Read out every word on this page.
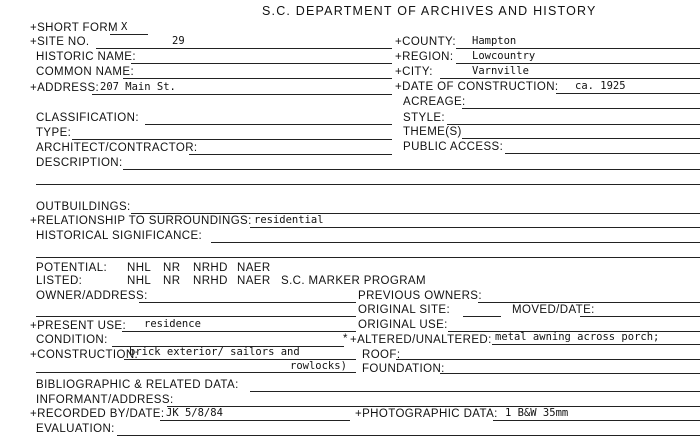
S.C. DEPARTMENT OF ARCHIVES AND HISTORY
+SHORT FORM X
+SITE NO.	29	+COUNTY: Hampton
HISTORIC NAME:	+REGION: Lowcountry
COMMON NAME:	+CITY:	Varnville
+ADDRESS: 207 Main St.	+DATE OF CONSTRUCTION: ca. 1925
ACREAGE:
CLASSIFICATION:	STYLE:
TYPE:	THEME(S)
ARCHITECT/CONTRACTOR:	PUBLIC ACCESS:
DESCRIPTION:
OUTBUILDINGS:
+RELATIONSHIP TO SURROUNDINGS: residential
HISTORICAL SIGNIFICANCE:
POTENTIAL: NHL NR NRHD NAER
LISTED:	NHL NR NRHD NAER S.C. MARKER PROGRAM
OWNER/ADDRESS:	PREVIOUS OWNERS:
ORIGINAL SITE:	MOVED/DATE:
+PRESENT USE: residence	ORIGINAL USE:
CONDITION:	* +ALTERED/UNALTERED: metal awning across porch;
+CONSTRUCTION:
brick exterior/ sailors and
rowlocks)
ROOF:
FOUNDATION:
BIBLIOGRAPHIC & RELATED DATA:
INFORMANT/ADDRESS:
+RECORDED BY/DATE: JK 5/8/84	+PHOTOGRAPHIC DATA: 1 B&W 35mm
EVALUATION:
